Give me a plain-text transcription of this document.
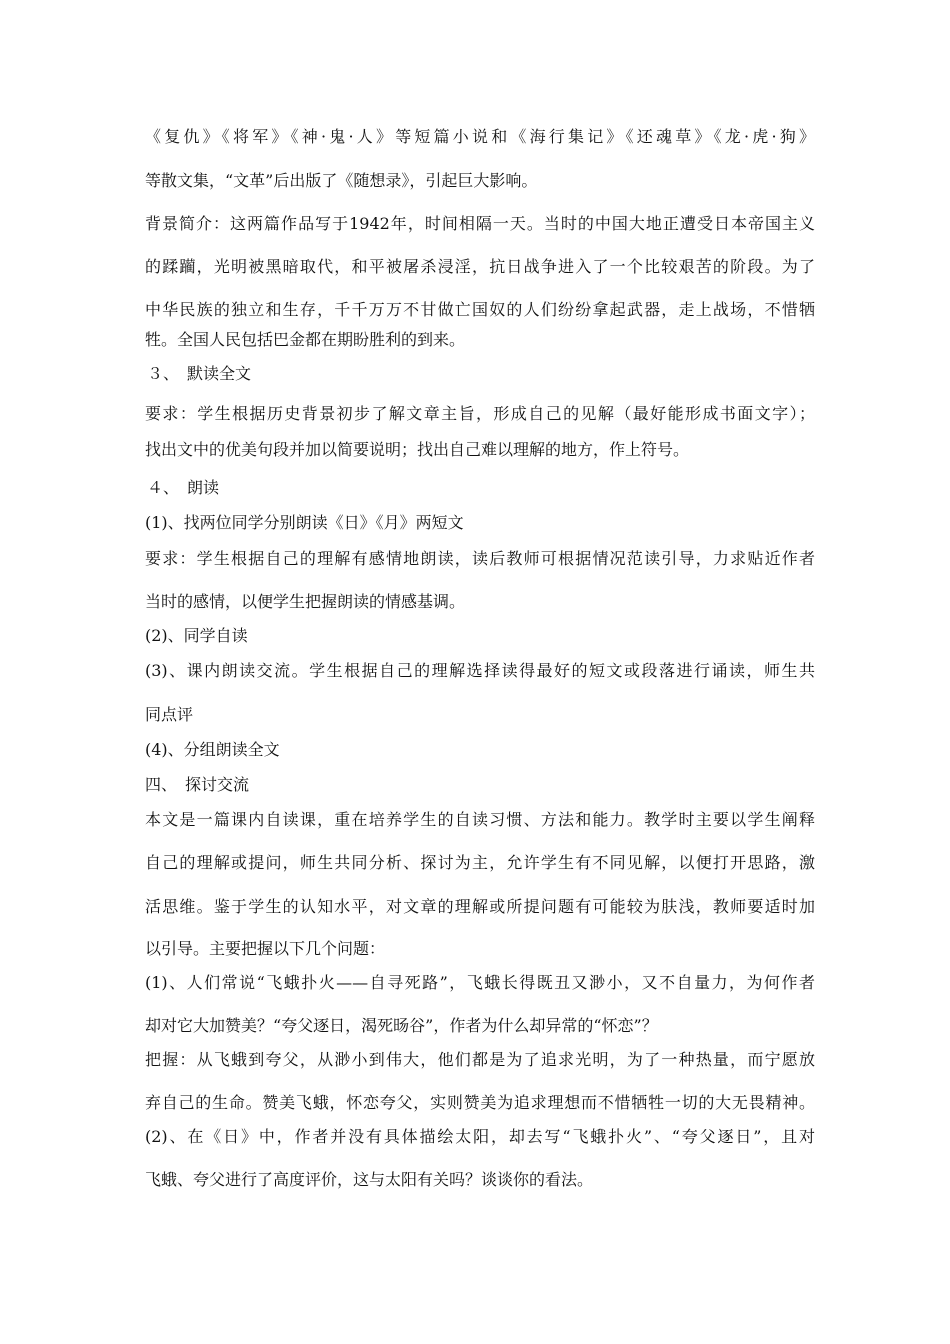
《复仇》《将军》《神·鬼·人》等短篇小说和《海行集记》《还魂草》《龙·虎·狗》
等散文集，“文革”后出版了《随想录》，引起巨大影响。
背景简介：这两篇作品写于1942年，时间相隔一天。当时的中国大地正遭受日本帝国主义
的蹂躏，光明被黑暗取代，和平被屠杀浸淫，抗日战争进入了一个比较艰苦的阶段。为了
中华民族的独立和生存，千千万万不甘做亡国奴的人们纷纷拿起武器，走上战场，不惜牺
牲。全国人民包括巴金都在期盼胜利的到来。
３、　默读全文
要求：学生根据历史背景初步了解文章主旨，形成自己的见解（最好能形成书面文字）；
找出文中的优美句段并加以简要说明；找出自己难以理解的地方，作上符号。
４、　朗读
(1)、找两位同学分别朗读《日》《月》两短文
要求：学生根据自己的理解有感情地朗读，读后教师可根据情况范读引导，力求贴近作者
当时的感情，以便学生把握朗读的情感基调。
(2)、同学自读
(3)、课内朗读交流。学生根据自己的理解选择读得最好的短文或段落进行诵读，师生共
同点评
(4)、分组朗读全文
四、　探讨交流
本文是一篇课内自读课，重在培养学生的自读习惯、方法和能力。教学时主要以学生阐释
自己的理解或提问，师生共同分析、探讨为主，允许学生有不同见解，以便打开思路，激
活思维。鉴于学生的认知水平，对文章的理解或所提问题有可能较为肤浅，教师要适时加
以引导。主要把握以下几个问题：
(1)、人们常说“飞蛾扑火——自寻死路”，飞蛾长得既丑又渺小，又不自量力，为何作者
却对它大加赞美？“夸父逐日，渴死旸谷”，作者为什么却异常的“怀恋”？
把握：从飞蛾到夸父，从渺小到伟大，他们都是为了追求光明，为了一种热量，而宁愿放
弃自己的生命。赞美飞蛾，怀恋夸父，实则赞美为追求理想而不惜牺牲一切的大无畏精神。
(2)、在《日》中，作者并没有具体描绘太阳，却去写“飞蛾扑火”、“夸父逐日”，且对
飞蛾、夸父进行了高度评价，这与太阳有关吗？谈谈你的看法。
